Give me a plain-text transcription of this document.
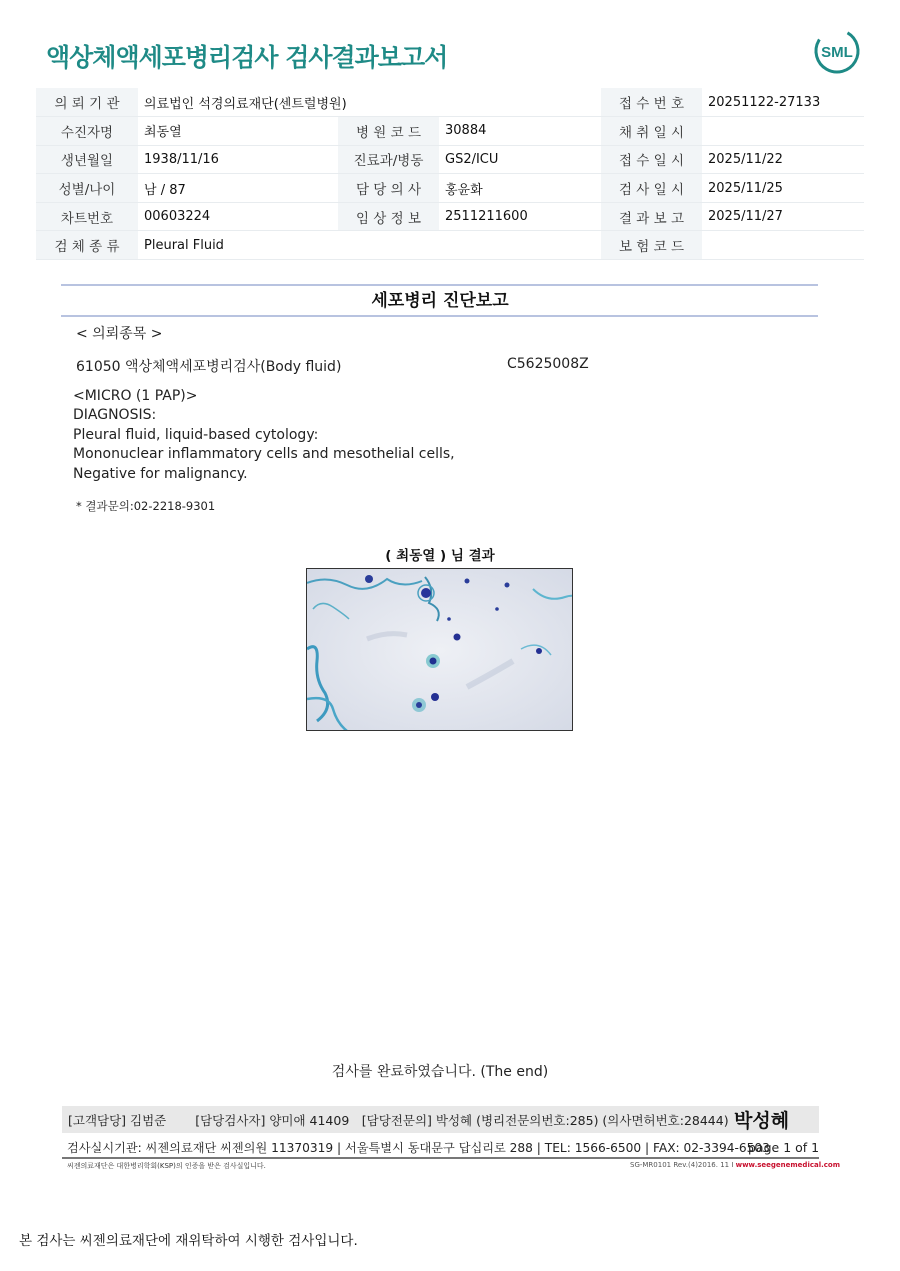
액상체액세포병리검사 검사결과보고서	SML
의 뢰 기 관	의료법인 석경의료재단(센트럴병원)			접 수 번 호	20251122-27133
수진자명	최동열	병 원 코 드	30884	채 취 일 시	
생년월일	1938/11/16	진료과/병동	GS2/ICU	접 수 일 시	2025/11/22
성별/나이	남 / 87	담 당 의 사	홍윤화	검 사 일 시	2025/11/25
차트번호	00603224	임 상 정 보	2511211600	결 과 보 고	2025/11/27
검 체 종 류	Pleural Fluid			보 험 코 드	
세포병리 진단보고
< 의뢰종목 >
61050 액상체액세포병리검사(Body fluid)	C5625008Z
<MICRO (1 PAP)>
DIAGNOSIS:
Pleural fluid, liquid-based cytology:
Mononuclear inflammatory cells and mesothelial cells,
Negative for malignancy.
* 결과문의:02-2218-9301
( 최동열 ) 님 결과
검사를 완료하였습니다. (The end)
[고객담당] 김범준　　 [담당검사자] 양미애 41409　[담당전문의] 박성혜 (병리전문의번호:285) (의사면허번호:28444) 박성혜
검사실시기관: 씨젠의료재단 씨젠의원 11370319 | 서울특별시 동대문구 답십리로 288 | TEL: 1566-6500 | FAX: 02-3394-6503
page 1 of 1
씨젠의료재단은 대한병리학회(KSP)의 인증을 받은 검사실입니다.	SG-MR0101 Rev.(4)2016. 11 I www.seegenemedical.com
본 검사는 씨젠의료재단에 재위탁하여 시행한 검사입니다.
